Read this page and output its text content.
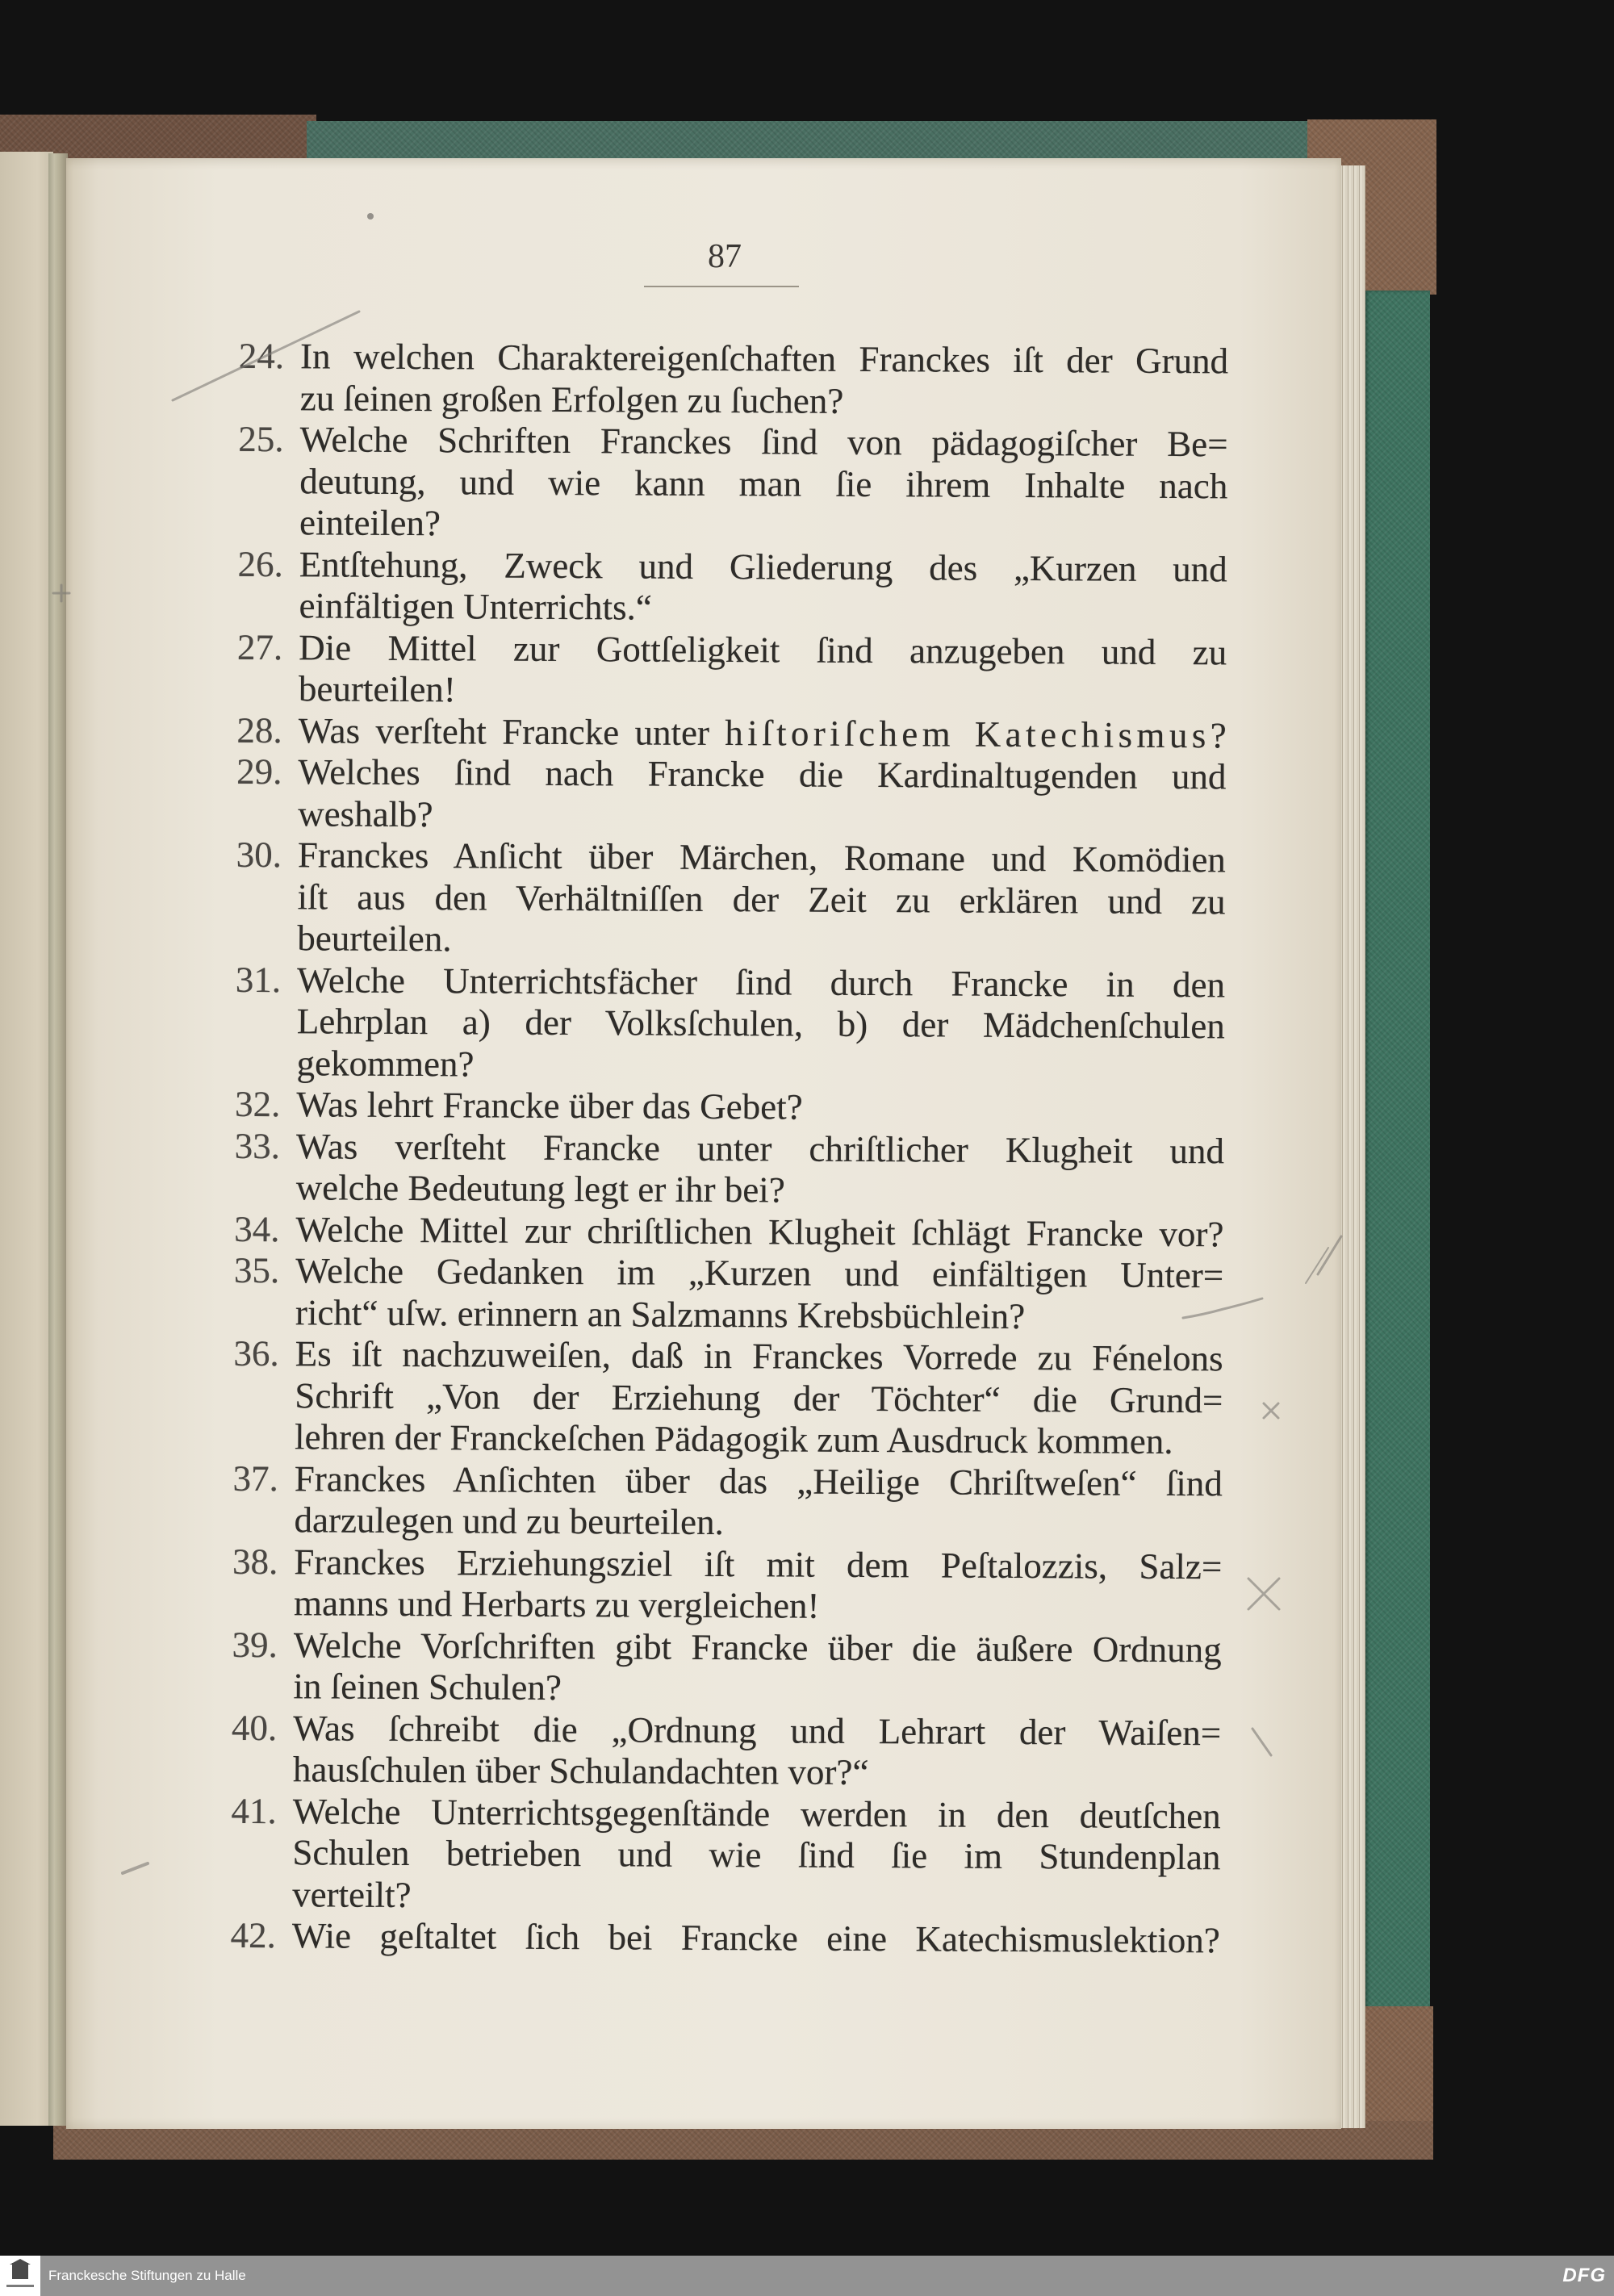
87
24. In welchen Charaktereigenſchaften Franckes iſt der Grund
zu ſeinen großen Erfolgen zu ſuchen?
25. Welche Schriften Franckes ſind von pädagogiſcher Be=
deutung, und wie kann man ſie ihrem Inhalte nach
einteilen?
26. Entſtehung, Zweck und Gliederung des „Kurzen und
einfältigen Unterrichts.“
27. Die Mittel zur Gottſeligkeit ſind anzugeben und zu
beurteilen!
28. Was verſteht Francke unter hiſtoriſchem Katechismus?
29. Welches ſind nach Francke die Kardinaltugenden und
weshalb?
30. Franckes Anſicht über Märchen, Romane und Komödien
iſt aus den Verhältniſſen der Zeit zu erklären und zu
beurteilen.
31. Welche Unterrichtsfächer ſind durch Francke in den
Lehrplan a) der Volksſchulen, b) der Mädchenſchulen
gekommen?
32. Was lehrt Francke über das Gebet?
33. Was verſteht Francke unter chriſtlicher Klugheit und
welche Bedeutung legt er ihr bei?
34. Welche Mittel zur chriſtlichen Klugheit ſchlägt Francke vor?
35. Welche Gedanken im „Kurzen und einfältigen Unter=
richt“ uſw. erinnern an Salzmanns Krebsbüchlein?
36. Es iſt nachzuweiſen, daß in Franckes Vorrede zu Fénelons
Schrift „Von der Erziehung der Töchter“ die Grund=
lehren der Franckeſchen Pädagogik zum Ausdruck kommen.
37. Franckes Anſichten über das „Heilige Chriſtweſen“ ſind
darzulegen und zu beurteilen.
38. Franckes Erziehungsziel iſt mit dem Peſtalozzis, Salz=
manns und Herbarts zu vergleichen!
39. Welche Vorſchriften gibt Francke über die äußere Ordnung
in ſeinen Schulen?
40. Was ſchreibt die „Ordnung und Lehrart der Waiſen=
hausſchulen über Schulandachten vor?“
41. Welche Unterrichtsgegenſtände werden in den deutſchen
Schulen betrieben und wie ſind ſie im Stundenplan
verteilt?
42. Wie geſtaltet ſich bei Francke eine Katechismuslektion?
Franckesche Stiftungen zu Halle	DFG
